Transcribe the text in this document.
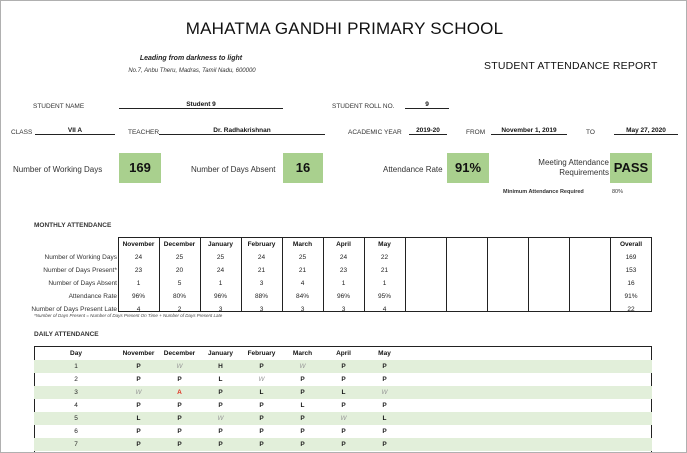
MAHATMA GANDHI PRIMARY SCHOOL
Leading from darkness to light
No.7, Anbu Theru, Madras, Tamil Nadu, 600000	STUDENT ATTENDANCE REPORT
STUDENT NAME	Student 9	STUDENT ROLL NO.	9
CLASS	VII A	TEACHER	Dr. Radhakrishnan	ACADEMIC YEAR	2019-20	FROM	November 1, 2019	TO	May 27, 2020
Number of Working Days	169	Number of Days Absent	16	Attendance Rate 91%	Meeting Attendance Requirements PASS
Minimum Attendance Required	80%
MONTHLY ATTENDANCE
*Number of Days Present = Number of Days Present On Time + Number of Days Present Late
DAILY ATTENDANCE
November	December	January	February	March	April	May	Overall
Number of Working Days	24	25	25	24	25	24	22	169
Number of Days Present*	23	20	24	21	21	23	21	153
Number of Days Absent	1	5	1	3	4	1	1	16
Attendance Rate	96%	80%	96%	88%	84%	96%	95%	91%
Number of Days Present Late	4	2	3	3	3	3	4	22
Day	November	December	January	February	March	April	May
1	P	W	H	P	W	P	P
2	P	P	L	W	P	P	P
3	W	A	P	L	P	L	W
4	P	P	P	P	L	P	P
5	L	P	W	P	P	W	L
6	P	P	P	P	P	P	P
7	P	P	P	P	P	P	P
